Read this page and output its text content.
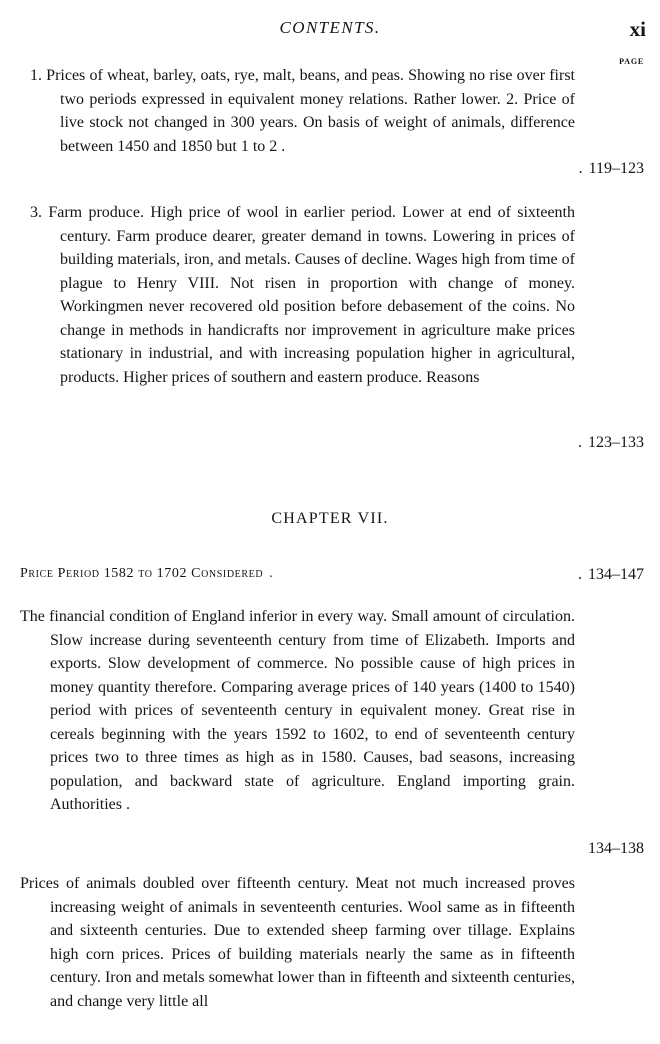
CONTENTS.	xi
PAGE
1. Prices of wheat, barley, oats, rye, malt, beans, and peas. Showing no rise over first two periods expressed in equivalent money relations. Rather lower. 2. Price of live stock not changed in 300 years. On basis of weight of animals, difference between 1450 and 1850 but 1 to 2 .
. 119–123
3. Farm produce. High price of wool in earlier period. Lower at end of sixteenth century. Farm produce dearer, greater demand in towns. Lowering in prices of building materials, iron, and metals. Causes of decline. Wages high from time of plague to Henry VIII. Not risen in proportion with change of money. Workingmen never recovered old position before debasement of the coins. No change in methods in handicrafts nor improvement in agriculture make prices stationary in industrial, and with increasing population higher in agricultural, products. Higher prices of southern and eastern produce. Reasons
. 123–133
CHAPTER VII.
Price Period 1582 to 1702 Considered .	. 134–147
The financial condition of England inferior in every way. Small amount of circulation. Slow increase during seventeenth century from time of Elizabeth. Imports and exports. Slow development of commerce. No possible cause of high prices in money quantity therefore. Comparing average prices of 140 years (1400 to 1540) period with prices of seventeenth century in equivalent money. Great rise in cereals beginning with the years 1592 to 1602, to end of seventeenth century prices two to three times as high as in 1580. Causes, bad seasons, increasing population, and backward state of agriculture. England importing grain. Authorities .
134–138
Prices of animals doubled over fifteenth century. Meat not much increased proves increasing weight of animals in seventeenth centuries. Wool same as in fifteenth and sixteenth centuries. Due to extended sheep farming over tillage. Explains high corn prices. Prices of building materials nearly the same as in fifteenth century. Iron and metals somewhat lower than in fifteenth and sixteenth centuries, and change very little all
